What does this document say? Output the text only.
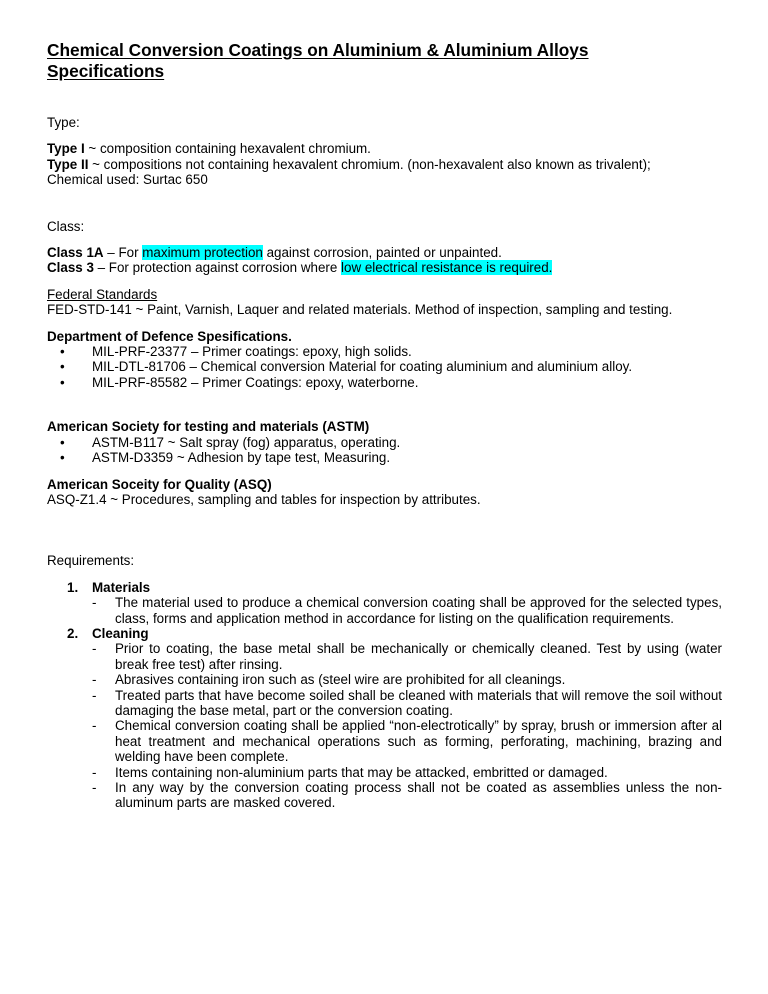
Chemical Conversion Coatings on Aluminium & Aluminium Alloys
Specifications

Type:

Type I ~ composition containing hexavalent chromium.

Type II ~ compositions not containing hexavalent chromium. (non-hexavalent also known as trivalent);

Chemical used: Surtac 650

Class:

Class 1A – For maximum protection against corrosion, painted or unpainted.

Class 3 – For protection against corrosion where low electrical resistance is required.

Federal Standards

FED-STD-141 ~ Paint, Varnish, Laquer and related materials. Method of inspection, sampling and testing.

Department of Defence Spesifications.

• MIL-PRF-23377 – Primer coatings: epoxy, high solids.
• MIL-DTL-81706 – Chemical conversion Material for coating aluminium and aluminium alloy.
• MIL-PRF-85582 – Primer Coatings: epoxy, waterborne.

American Society for testing and materials (ASTM)

• ASTM-B117 ~ Salt spray (fog) apparatus, operating.
• ASTM-D3359 ~ Adhesion by tape test, Measuring.

American Soceity for Quality (ASQ)

ASQ-Z1.4 ~ Procedures, sampling and tables for inspection by attributes.

Requirements:

1. Materials
- The material used to produce a chemical conversion coating shall be approved for the selected types, class, forms and application method in accordance for listing on the qualification requirements.
2. Cleaning
- Prior to coating, the base metal shall be mechanically or chemically cleaned. Test by using (water break free test) after rinsing.
- Abrasives containing iron such as (steel wire are prohibited for all cleanings.
- Treated parts that have become soiled shall be cleaned with materials that will remove the soil without damaging the base metal, part or the conversion coating.
- Chemical conversion coating shall be applied “non-electrotically” by spray, brush or immersion after al heat treatment and mechanical operations such as forming, perforating, machining, brazing and welding have been complete.
- Items containing non-aluminium parts that may be attacked, embritted or damaged.
- In any way by the conversion coating process shall not be coated as assemblies unless the non-aluminum parts are masked covered.
